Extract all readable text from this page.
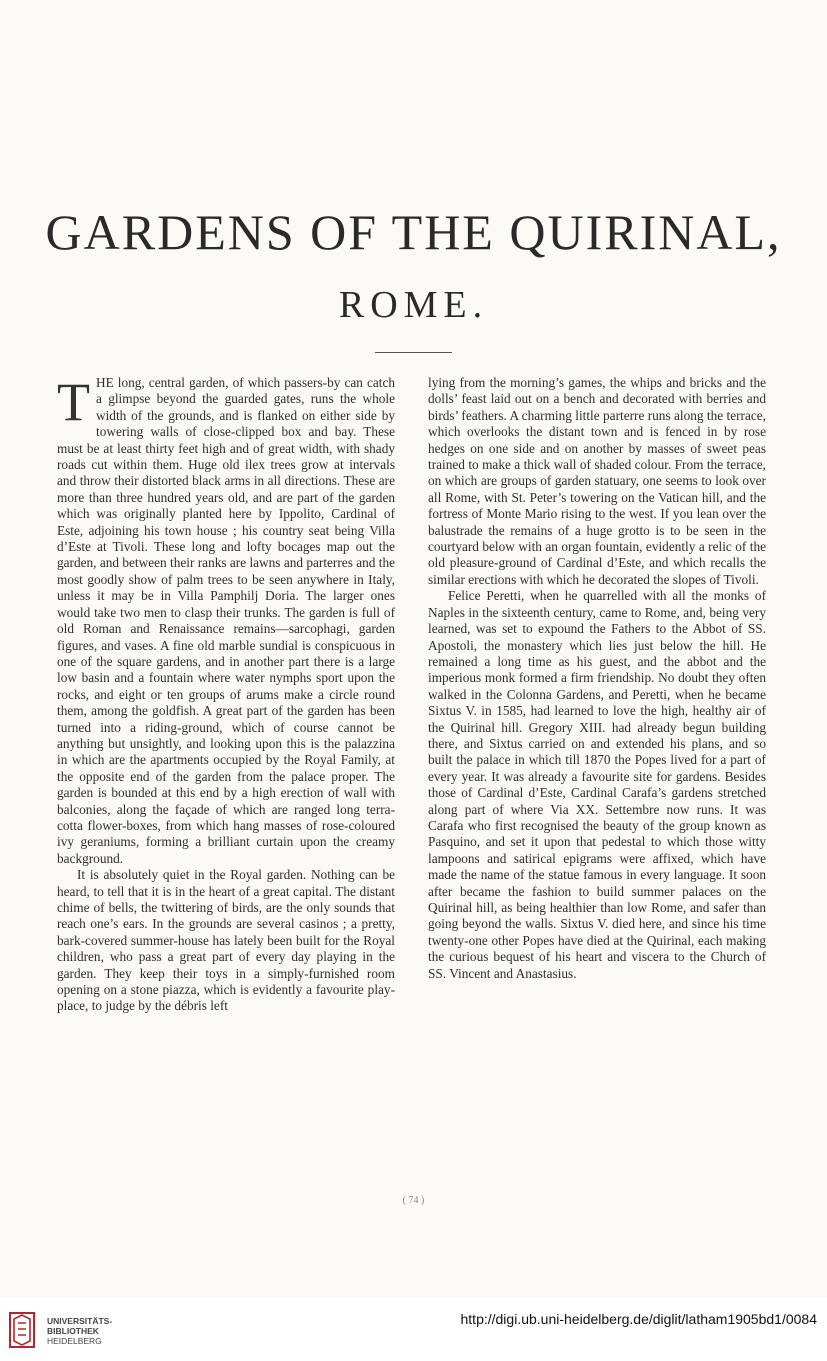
GARDENS OF THE QUIRINAL,
ROME.
T HE long, central garden, of which passers-by can catch a glimpse beyond the guarded gates, runs the whole width of the grounds, and is flanked on either side by towering walls of close-clipped box and bay. These must be at least thirty feet high and of great width, with shady roads cut within them. Huge old ilex trees grow at intervals and throw their distorted black arms in all directions. These are more than three hundred years old, and are part of the garden which was originally planted here by Ippolito, Cardinal of Este, adjoining his town house ; his country seat being Villa d’Este at Tivoli. These long and lofty bocages map out the garden, and between their ranks are lawns and parterres and the most goodly show of palm trees to be seen anywhere in Italy, unless it may be in Villa Pamphilj Doria. The larger ones would take two men to clasp their trunks. The garden is full of old Roman and Renaissance remains—sarcophagi, garden figures, and vases. A fine old marble sundial is conspicuous in one of the square gardens, and in another part there is a large low basin and a fountain where water nymphs sport upon the rocks, and eight or ten groups of arums make a circle round them, among the goldfish. A great part of the garden has been turned into a riding-ground, which of course cannot be anything but unsightly, and looking upon this is the palazzina in which are the apartments occupied by the Royal Family, at the opposite end of the garden from the palace proper. The garden is bounded at this end by a high erection of wall with balconies, along the façade of which are ranged long terra-cotta flower-boxes, from which hang masses of rose-coloured ivy geraniums, forming a brilliant curtain upon the creamy background.

It is absolutely quiet in the Royal garden. Nothing can be heard, to tell that it is in the heart of a great capital. The distant chime of bells, the twittering of birds, are the only sounds that reach one’s ears. In the grounds are several casinos ; a pretty, bark-covered summer-house has lately been built for the Royal children, who pass a great part of every day playing in the garden. They keep their toys in a simply-furnished room opening on a stone piazza, which is evidently a favourite play-place, to judge by the débris left

lying from the morning’s games, the whips and bricks and the dolls’ feast laid out on a bench and decorated with berries and birds’ feathers. A charming little parterre runs along the terrace, which overlooks the distant town and is fenced in by rose hedges on one side and on another by masses of sweet peas trained to make a thick wall of shaded colour. From the terrace, on which are groups of garden statuary, one seems to look over all Rome, with St. Peter’s towering on the Vatican hill, and the fortress of Monte Mario rising to the west. If you lean over the balustrade the remains of a huge grotto is to be seen in the courtyard below with an organ fountain, evidently a relic of the old pleasure-ground of Cardinal d’Este, and which recalls the similar erections with which he decorated the slopes of Tivoli.

Felice Peretti, when he quarrelled with all the monks of Naples in the sixteenth century, came to Rome, and, being very learned, was set to expound the Fathers to the Abbot of SS. Apostoli, the monastery which lies just below the hill. He remained a long time as his guest, and the abbot and the imperious monk formed a firm friendship. No doubt they often walked in the Colonna Gardens, and Peretti, when he became Sixtus V. in 1585, had learned to love the high, healthy air of the Quirinal hill. Gregory XIII. had already begun building there, and Sixtus carried on and extended his plans, and so built the palace in which till 1870 the Popes lived for a part of every year. It was already a favourite site for gardens. Besides those of Cardinal d’Este, Cardinal Carafa’s gardens stretched along part of where Via XX. Settembre now runs. It was Carafa who first recognised the beauty of the group known as Pasquino, and set it upon that pedestal to which those witty lampoons and satirical epigrams were affixed, which have made the name of the statue famous in every language. It soon after became the fashion to build summer palaces on the Quirinal hill, as being healthier than low Rome, and safer than going beyond the walls. Sixtus V. died here, and since his time twenty-one other Popes have died at the Quirinal, each making the curious bequest of his heart and viscera to the Church of SS. Vincent and Anastasius.

( 74 )
UNIVERSITÄTS-
BIBLIOTHEK
HEIDELBERG
http://digi.ub.uni-heidelberg.de/diglit/latham1905bd1/0084
